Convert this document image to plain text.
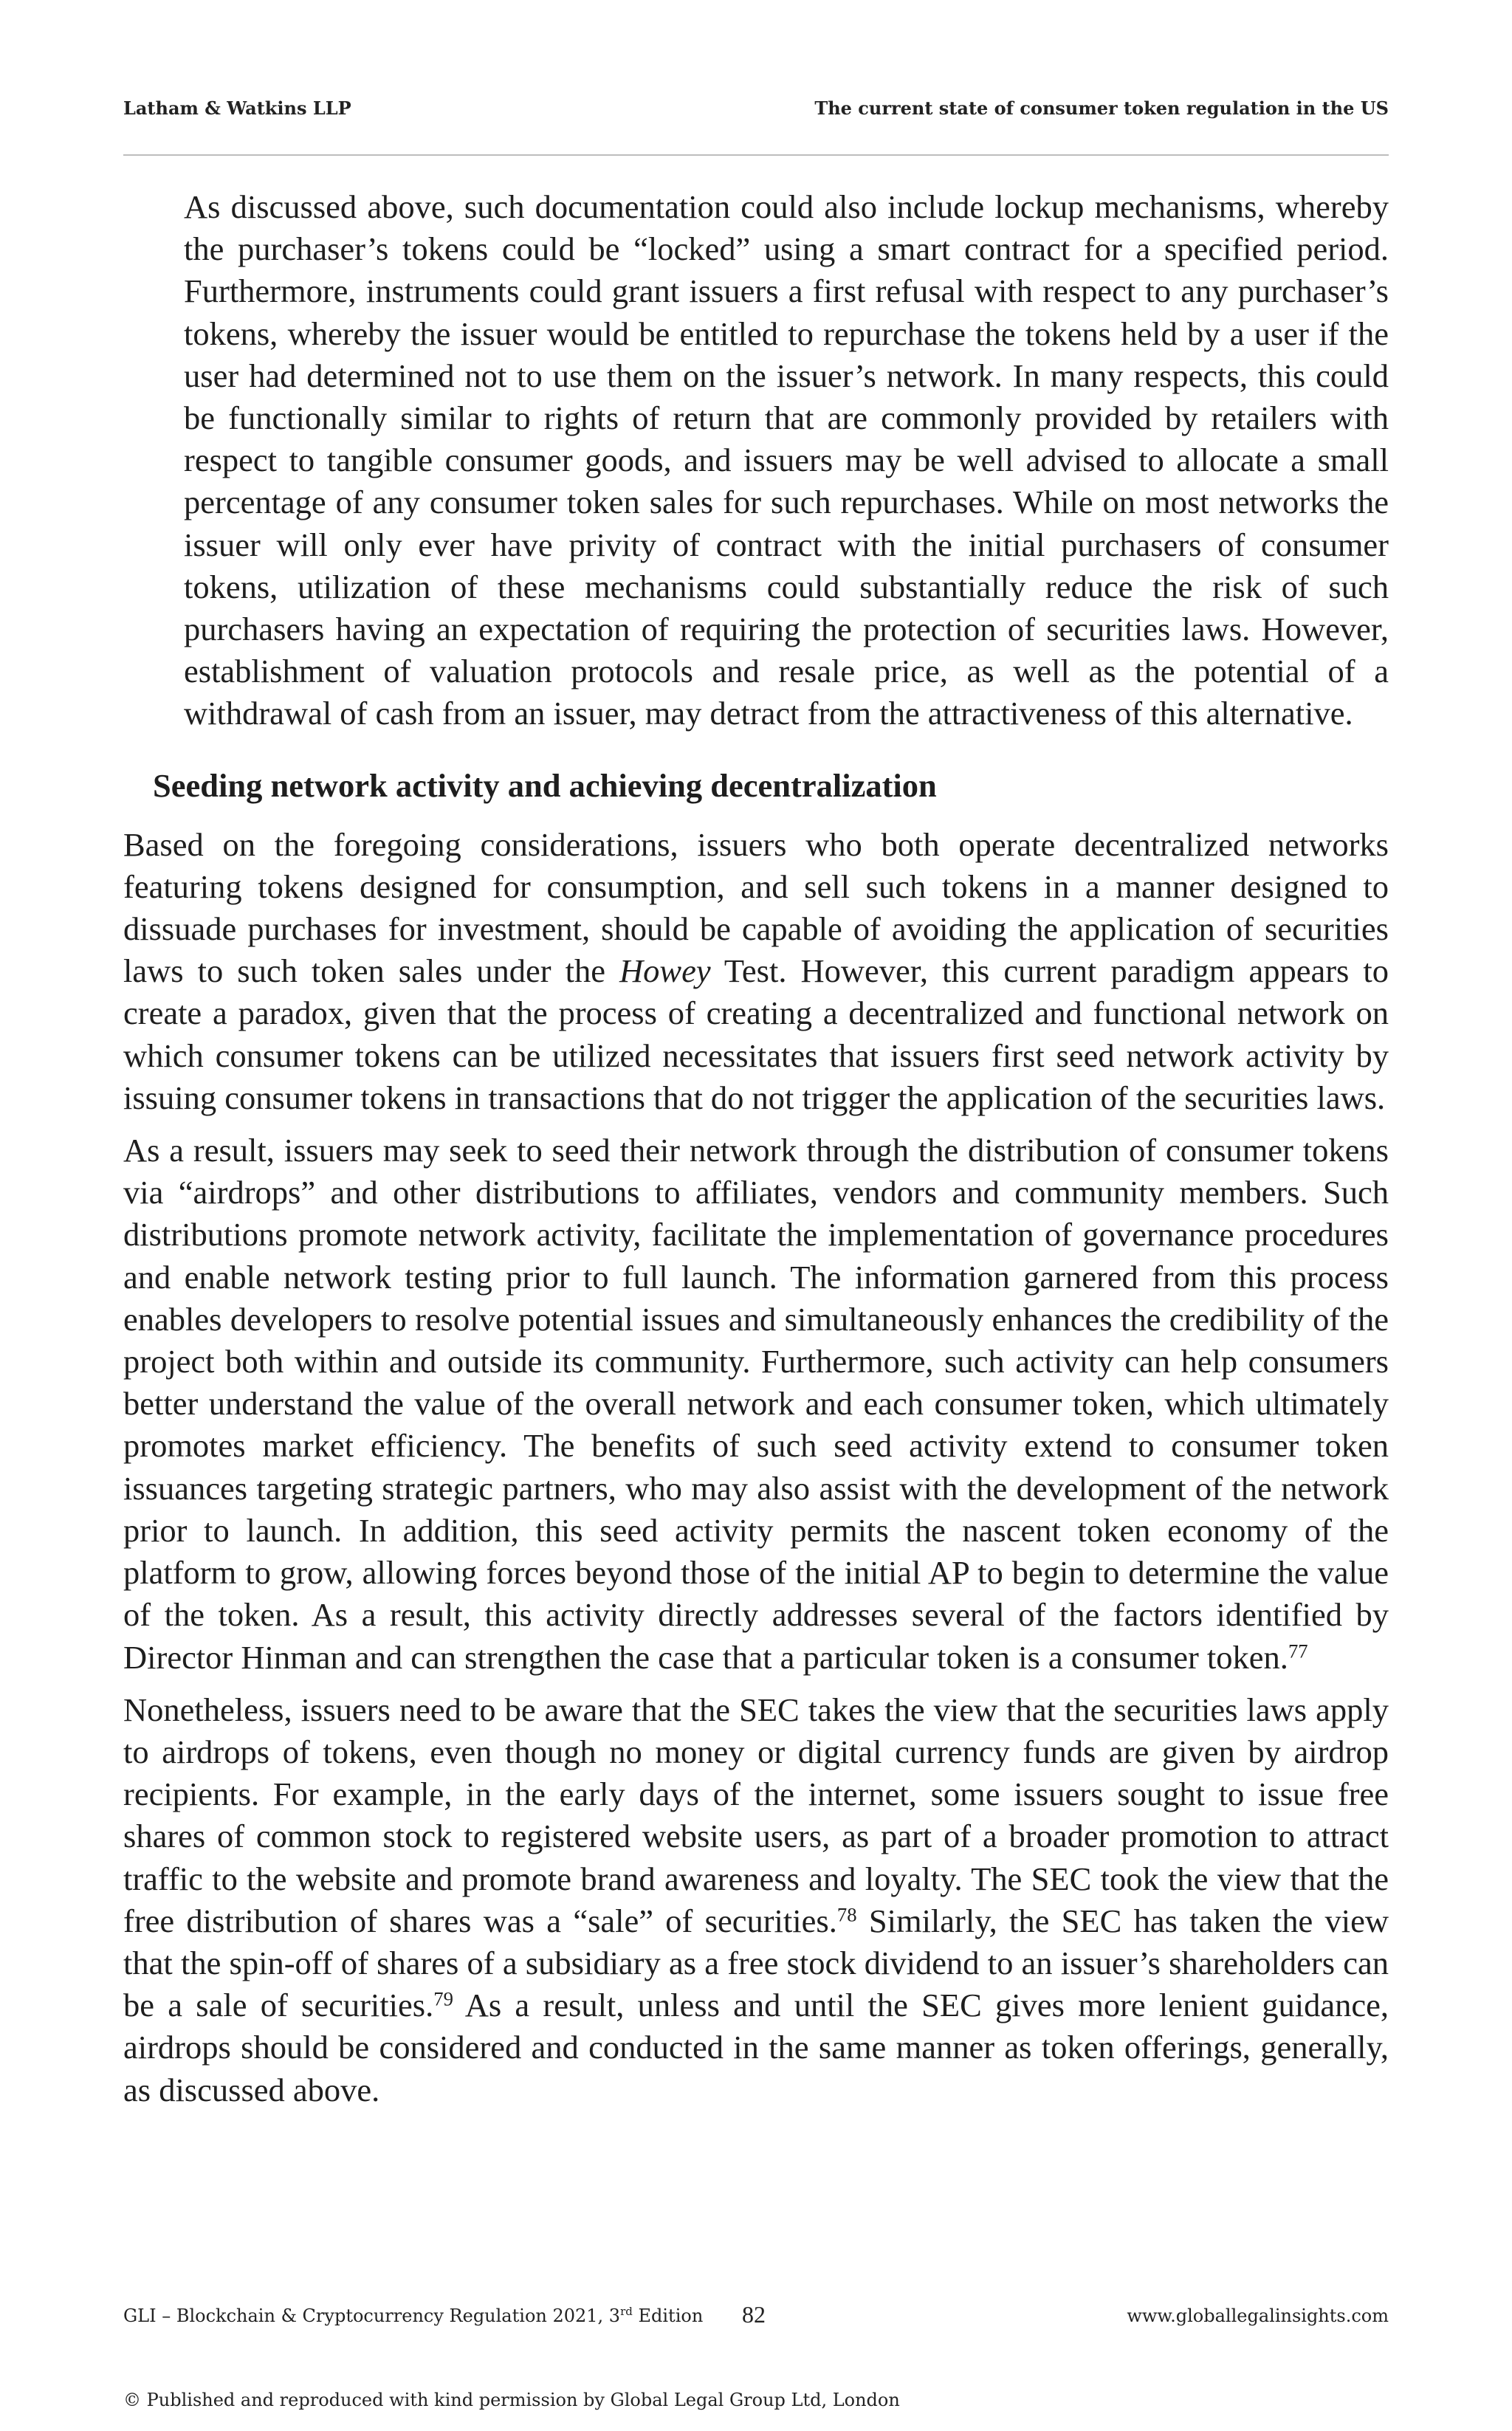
Latham & Watkins LLP	The current state of consumer token regulation in the US

As discussed above, such documentation could also include lockup mechanisms, whereby the purchaser’s tokens could be “locked” using a smart contract for a specified period. Furthermore, instruments could grant issuers a first refusal with respect to any purchaser’s tokens, whereby the issuer would be entitled to repurchase the tokens held by a user if the user had determined not to use them on the issuer’s network. In many respects, this could be functionally similar to rights of return that are commonly provided by retailers with respect to tangible consumer goods, and issuers may be well advised to allocate a small percentage of any consumer token sales for such repurchases. While on most networks the issuer will only ever have privity of contract with the initial purchasers of consumer tokens, utilization of these mechanisms could substantially reduce the risk of such purchasers having an expectation of requiring the protection of securities laws. However, establishment of valuation protocols and resale price, as well as the potential of a withdrawal of cash from an issuer, may detract from the attractiveness of this alternative.

Seeding network activity and achieving decentralization

Based on the foregoing considerations, issuers who both operate decentralized networks featuring tokens designed for consumption, and sell such tokens in a manner designed to dissuade purchases for investment, should be capable of avoiding the application of securities laws to such token sales under the Howey Test. However, this current paradigm appears to create a paradox, given that the process of creating a decentralized and functional network on which consumer tokens can be utilized necessitates that issuers first seed network activity by issuing consumer tokens in transactions that do not trigger the application of the securities laws.

As a result, issuers may seek to seed their network through the distribution of consumer tokens via “airdrops” and other distributions to affiliates, vendors and community members. Such distributions promote network activity, facilitate the implementation of governance procedures and enable network testing prior to full launch. The information garnered from this process enables developers to resolve potential issues and simultaneously enhances the credibility of the project both within and outside its community. Furthermore, such activity can help consumers better understand the value of the overall network and each consumer token, which ultimately promotes market efficiency. The benefits of such seed activity extend to consumer token issuances targeting strategic partners, who may also assist with the development of the network prior to launch. In addition, this seed activity permits the nascent token economy of the platform to grow, allowing forces beyond those of the initial AP to begin to determine the value of the token. As a result, this activity directly addresses several of the factors identified by Director Hinman and can strengthen the case that a particular token is a consumer token.$^{77}$

Nonetheless, issuers need to be aware that the SEC takes the view that the securities laws apply to airdrops of tokens, even though no money or digital currency funds are given by airdrop recipients. For example, in the early days of the internet, some issuers sought to issue free shares of common stock to registered website users, as part of a broader promotion to attract traffic to the website and promote brand awareness and loyalty. The SEC took the view that the free distribution of shares was a “sale” of securities.$^{78}$ Similarly, the SEC has taken the view that the spin-off of shares of a subsidiary as a free stock dividend to an issuer’s shareholders can be a sale of securities.$^{79}$ As a result, unless and until the SEC gives more lenient guidance, airdrops should be considered and conducted in the same manner as token offerings, generally, as discussed above.

GLI – Blockchain & Cryptocurrency Regulation 2021, 3rd Edition 82	www.globallegalinsights.com
© Published and reproduced with kind permission by Global Legal Group Ltd, London
